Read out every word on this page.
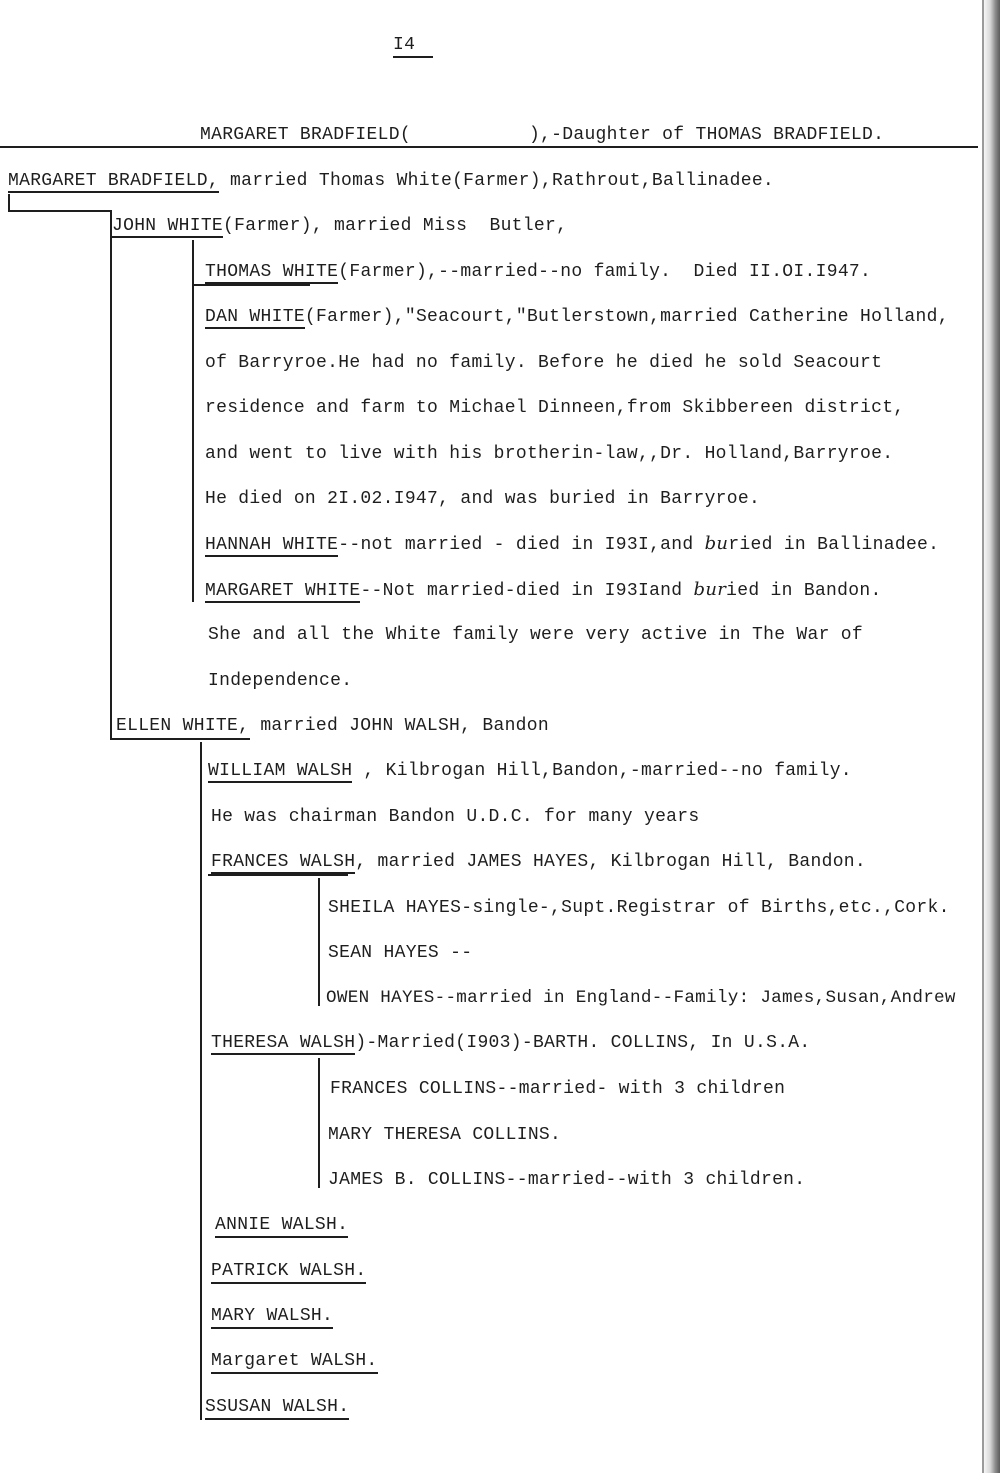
I4
MARGARET BRADFIELD(	),-Daughter of THOMAS BRADFIELD.
MARGARET BRADFIELD, married Thomas White(Farmer),Rathrout,Ballinadee.
JOHN WHITE(Farmer), married Miss  Butler,
THOMAS WHITE(Farmer),--married--no family.  Died II.OI.I947.
DAN WHITE(Farmer),"Seacourt,"Butlerstown,married Catherine Holland,
of Barryroe.He had no family. Before he died he sold Seacourt
residence and farm to Michael Dinneen,from Skibbereen district,
and went to live with his brotherin-law,,Dr. Holland,Barryroe.
He died on 2I.02.I947, and was buried in Barryroe.
HANNAH WHITE--not married - died in I93I,and buried in Ballinadee.
MARGARET WHITE--Not married-died in I93Iand buried in Bandon.
She and all the White family were very active in The War of
Independence.
ELLEN WHITE, married JOHN WALSH, Bandon
WILLIAM WALSH , Kilbrogan Hill,Bandon,-married--no family.
He was chairman Bandon U.D.C. for many years
FRANCES WALSH, married JAMES HAYES, Kilbrogan Hill, Bandon.
SHEILA HAYES-single-,Supt.Registrar of Births,etc.,Cork.
SEAN HAYES --
OWEN HAYES--married in England--Family: James,Susan,Andrew
THERESA WALSH)-Married(I903)-BARTH. COLLINS, In U.S.A.
FRANCES COLLINS--married- with 3 children
MARY THERESA COLLINS.
JAMES B. COLLINS--married--with 3 children.
ANNIE WALSH.
PATRICK WALSH.
MARY WALSH.
Margaret WALSH.
SSUSAN WALSH.
